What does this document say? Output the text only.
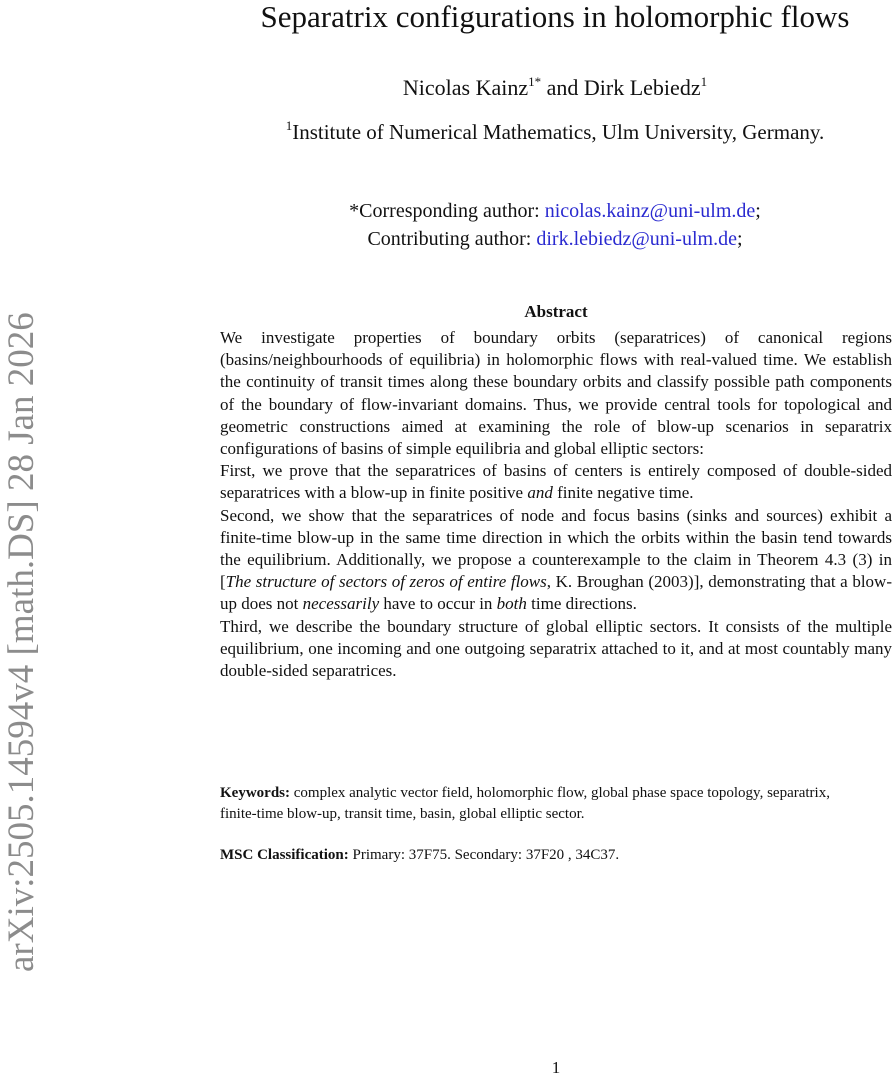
arXiv:2505.14594v4 [math.DS] 28 Jan 2026
Separatrix configurations in holomorphic flows
Nicolas Kainz$^{1*}$ and Dirk Lebiedz$^1$
$^1$Institute of Numerical Mathematics, Ulm University, Germany.
*Corresponding author: nicolas.kainz@uni-ulm.de;
Contributing author: dirk.lebiedz@uni-ulm.de;
Abstract

We investigate properties of boundary orbits (separatrices) of canonical regions (basins/neighbourhoods of equilibria) in holomorphic flows with real-valued time. We establish the continuity of transit times along these boundary orbits and classify possible path components of the boundary of flow-invariant domains. Thus, we provide central tools for topological and geometric constructions aimed at examining the role of blow-up scenarios in separatrix configurations of basins of simple equilibria and global elliptic sectors:

First, we prove that the separatrices of basins of centers is entirely composed of double-sided separatrices with a blow-up in finite positive and finite negative time.

Second, we show that the separatrices of node and focus basins (sinks and sources) exhibit a finite-time blow-up in the same time direction in which the orbits within the basin tend towards the equilibrium. Additionally, we propose a counterexample to the claim in Theorem 4.3 (3) in [The structure of sectors of zeros of entire flows, K. Broughan (2003)], demonstrating that a blow-up does not necessarily have to occur in both time directions.

Third, we describe the boundary structure of global elliptic sectors. It consists of the multiple equilibrium, one incoming and one outgoing separatrix attached to it, and at most countably many double-sided separatrices.

Keywords: complex analytic vector field, holomorphic flow, global phase space topology, separatrix, finite-time blow-up, transit time, basin, global elliptic sector.
MSC Classification: Primary: 37F75. Secondary: 37F20 , 34C37.
1
